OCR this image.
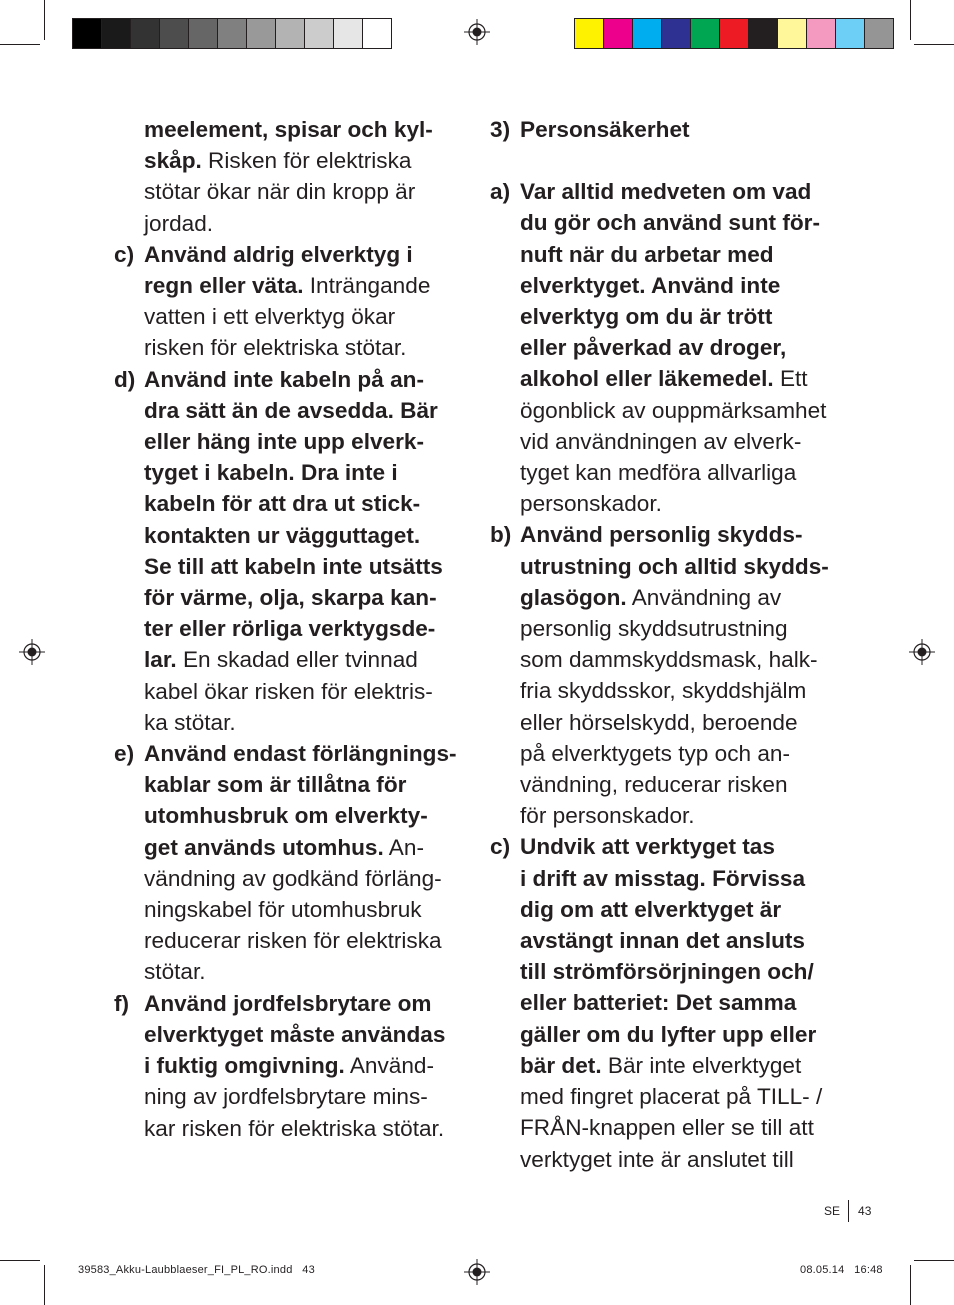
meelement, spisar och kyl-
skåp. Risken för elektriska
stötar ökar när din kropp är
jordad.
c) Använd aldrig elverktyg i
regn eller väta. Inträngande
vatten i ett elverktyg ökar
risken för elektriska stötar.
d) Använd inte kabeln på an-
dra sätt än de avsedda. Bär
eller häng inte upp elverk-
tyget i kabeln. Dra inte i
kabeln för att dra ut stick-
kontakten ur vägguttaget.
Se till att kabeln inte utsätts
för värme, olja, skarpa kan-
ter eller rörliga verktygsde-
lar. En skadad eller tvinnad
kabel ökar risken för elektris-
ka stötar.
e) Använd endast förlängnings-
kablar som är tillåtna för
utomhusbruk om elverkty-
get används utomhus. An-
vändning av godkänd förläng-
ningskabel för utomhusbruk
reducerar risken för elektriska
stötar.
f) Använd jordfelsbrytare om
elverktyget måste användas
i fuktig omgivning. Använd-
ning av jordfelsbrytare mins-
kar risken för elektriska stötar.
3) Personsäkerhet
a) Var alltid medveten om vad
du gör och använd sunt för-
nuft när du arbetar med
elverktyget. Använd inte
elverktyg om du är trött
eller påverkad av droger,
alkohol eller läkemedel. Ett
ögonblick av ouppmärksamhet
vid användningen av elverk-
tyget kan medföra allvarliga
personskador.
b) Använd personlig skydds-
utrustning och alltid skydds-
glasögon. Användning av
personlig skyddsutrustning
som dammskyddsmask, halk-
fria skyddsskor, skyddshjälm
eller hörselskydd, beroende
på elverktygets typ och an-
vändning, reducerar risken
för personskador.
c) Undvik att verktyget tas
i drift av misstag. Förvissa
dig om att elverktyget är
avstängt innan det ansluts
till strömförsörjningen och/
eller batteriet: Det samma
gäller om du lyfter upp eller
bär det. Bär inte elverktyget
med fingret placerat på TILL- /
FRÅN-knappen eller se till att
verktyget inte är anslutet till
SE 43
39583_Akku-Laubblaeser_FI_PL_RO.indd   43	08.05.14   16:48
